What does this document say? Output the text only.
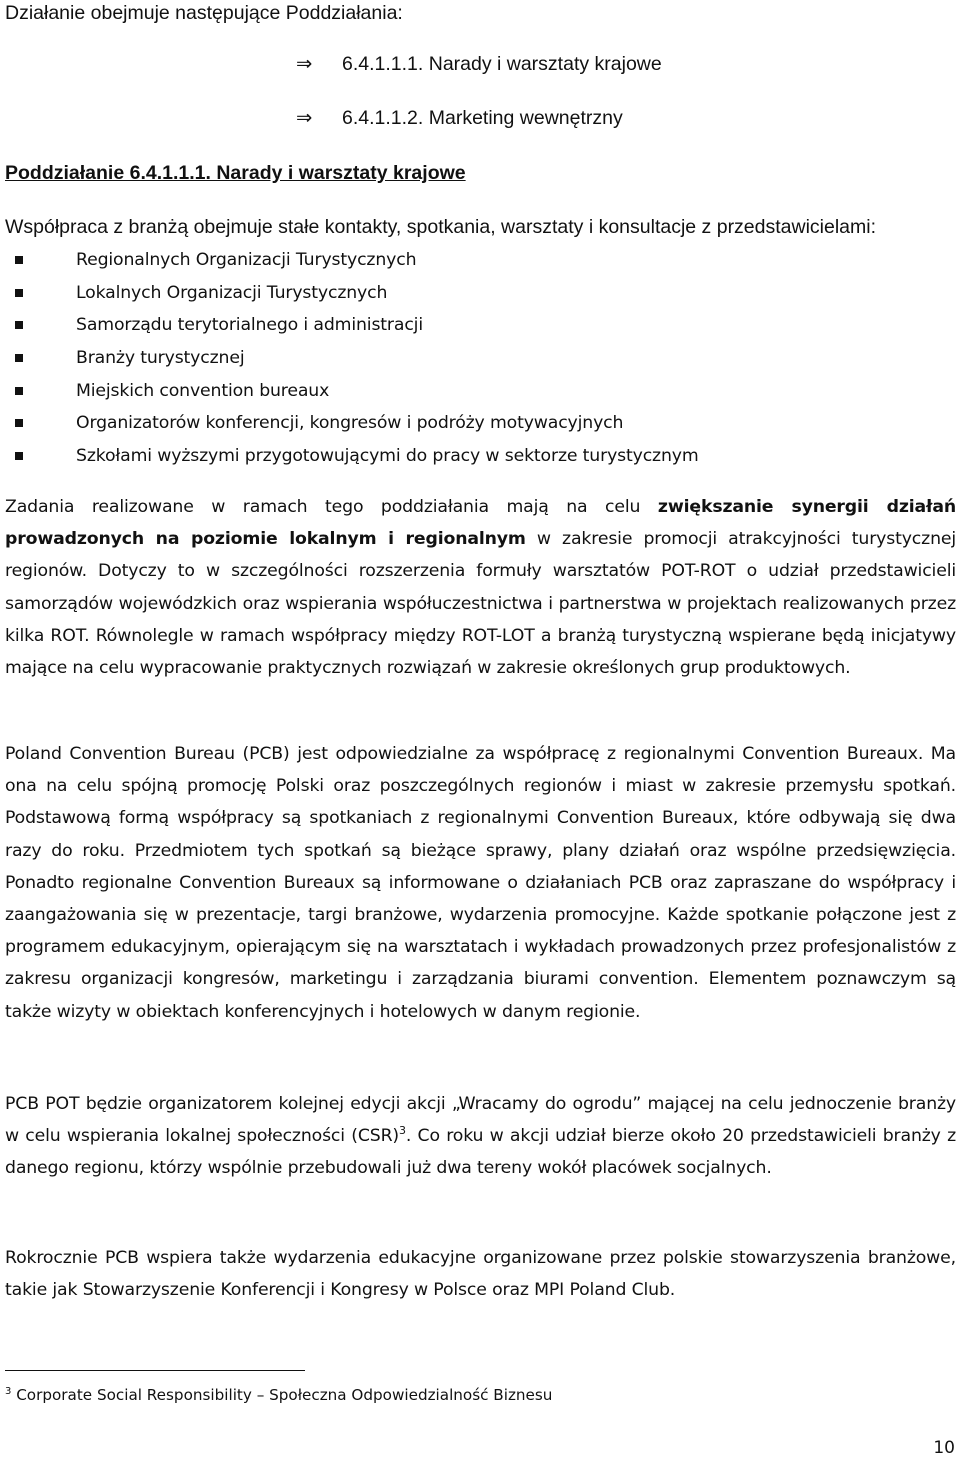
Działanie obejmuje następujące Poddziałania:
⇒ 6.4.1.1.1. Narady i warsztaty krajowe
⇒ 6.4.1.1.2. Marketing wewnętrzny
Poddziałanie 6.4.1.1.1. Narady i warsztaty krajowe
Współpraca z branżą obejmuje stałe kontakty, spotkania, warsztaty i konsultacje z przedstawicielami:
Regionalnych Organizacji Turystycznych
Lokalnych Organizacji Turystycznych
Samorządu terytorialnego i administracji
Branży turystycznej
Miejskich convention bureaux
Organizatorów konferencji, kongresów i podróży motywacyjnych
Szkołami wyższymi przygotowującymi do pracy w sektorze turystycznym

Zadania realizowane w ramach tego poddziałania mają na celu zwiększanie synergii działań prowadzonych na poziomie lokalnym i regionalnym w zakresie promocji atrakcyjności turystycznej regionów. Dotyczy to w szczególności rozszerzenia formuły warsztatów POT-ROT o udział przedstawicieli samorządów wojewódzkich oraz wspierania współuczestnictwa i partnerstwa w projektach realizowanych przez kilka ROT. Równolegle w ramach współpracy między ROT-LOT a branżą turystyczną wspierane będą inicjatywy mające na celu wypracowanie praktycznych rozwiązań w zakresie określonych grup produktowych.

Poland Convention Bureau (PCB) jest odpowiedzialne za współpracę z regionalnymi Convention Bureaux. Ma ona na celu spójną promocję Polski oraz poszczególnych regionów i miast w zakresie przemysłu spotkań. Podstawową formą współpracy są spotkaniach z regionalnymi Convention Bureaux, które odbywają się dwa razy do roku. Przedmiotem tych spotkań są bieżące sprawy, plany działań oraz wspólne przedsięwzięcia. Ponadto regionalne Convention Bureaux są informowane o działaniach PCB oraz zapraszane do współpracy i zaangażowania się w prezentacje, targi branżowe, wydarzenia promocyjne. Każde spotkanie połączone jest z programem edukacyjnym, opierającym się na warsztatach i wykładach prowadzonych przez profesjonalistów z zakresu organizacji kongresów, marketingu i zarządzania biurami convention. Elementem poznawczym są także wizyty w obiektach konferencyjnych i hotelowych w danym regionie.

PCB POT będzie organizatorem kolejnej edycji akcji „Wracamy do ogrodu” mającej na celu jednoczenie branży w celu wspierania lokalnej społeczności (CSR)$^3$. Co roku w akcji udział bierze około 20 przedstawicieli branży z danego regionu, którzy wspólnie przebudowali już dwa tereny wokół placówek socjalnych.

Rokrocznie PCB wspiera także wydarzenia edukacyjne organizowane przez polskie stowarzyszenia branżowe, takie jak Stowarzyszenie Konferencji i Kongresy w Polsce oraz MPI Poland Club.

$^3$ Corporate Social Responsibility – Społeczna Odpowiedzialność Biznesu
10
